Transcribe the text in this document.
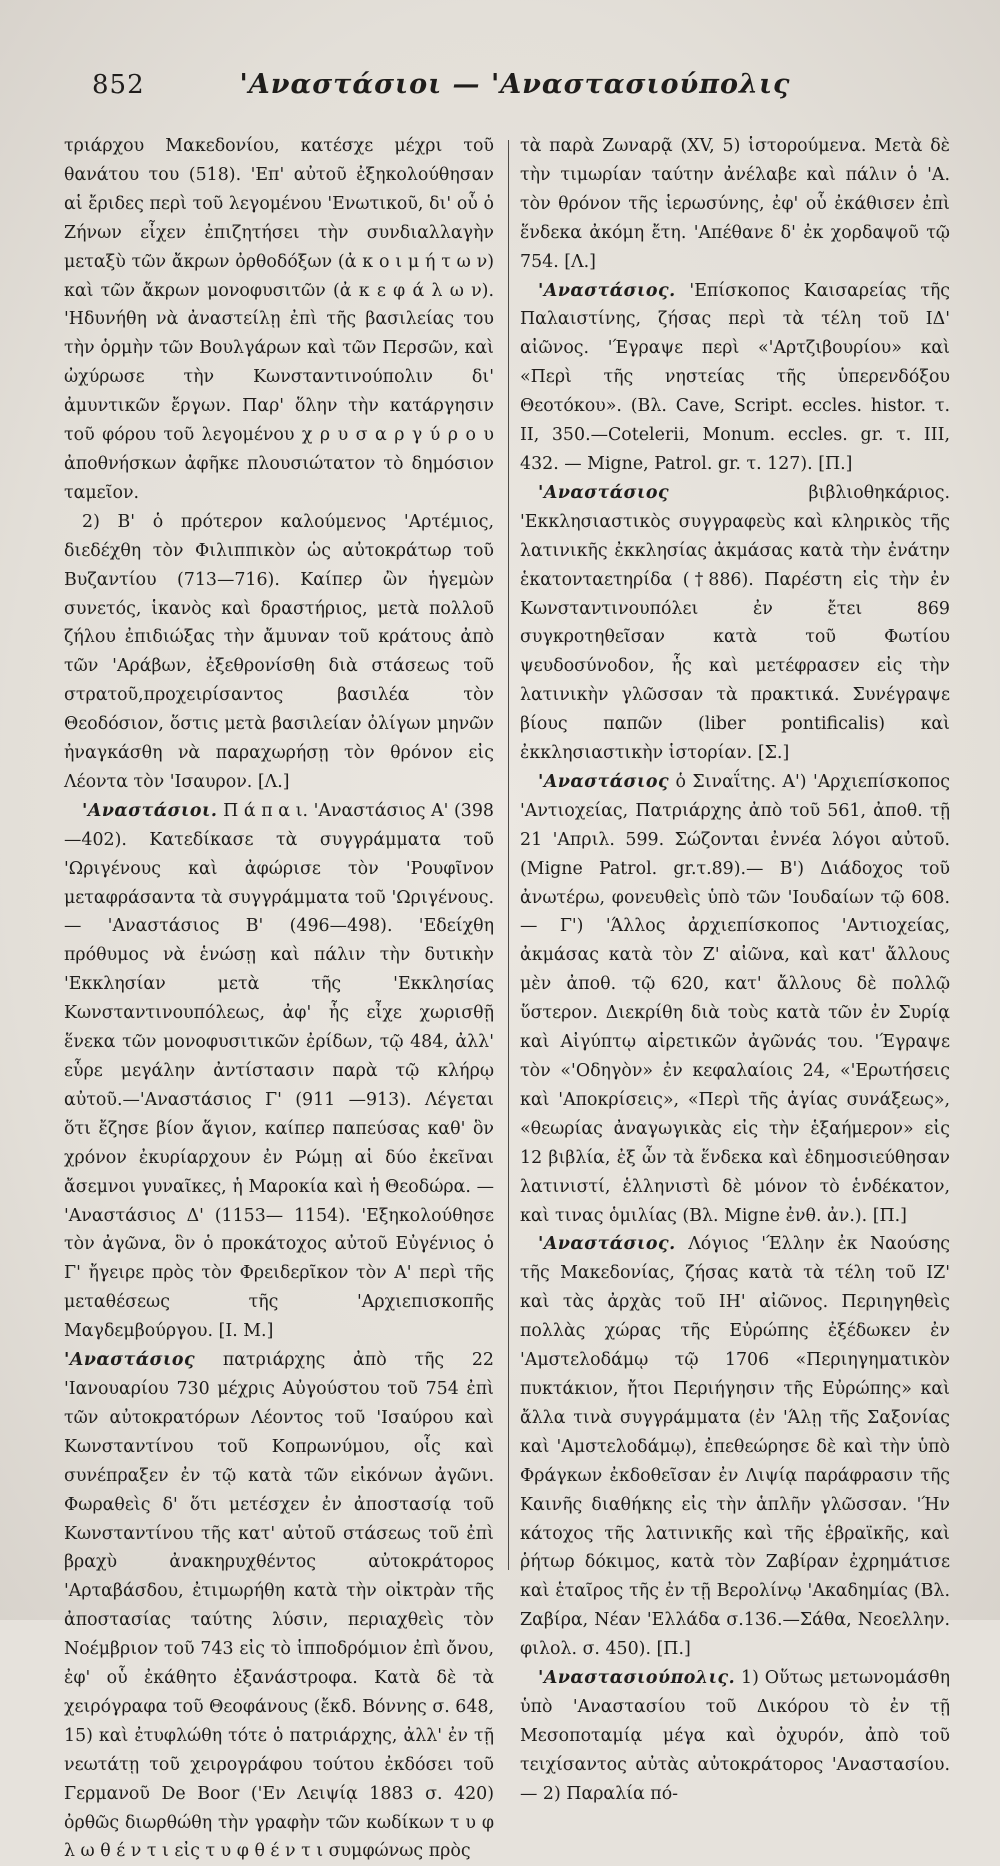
852	'Αναστάσιοι — 'Αναστασιούπολις

τριάρχου Μακεδονίου, κατέσχε μέχρι τοῦ θανάτου του (518). 'Επ' αὐτοῦ ἐξηκολούθησαν αἱ ἔριδες περὶ τοῦ λεγομένου 'Ενωτικοῦ, δι' οὗ ὁ Ζήνων εἶχεν ἐπιζητήσει τὴν συνδιαλλαγὴν μεταξὺ τῶν ἄκρων ὀρθοδόξων (ἀ κ ο ι μ ή τ ω ν) καὶ τῶν ἄκρων μονοφυσιτῶν (ἀ κ ε φ ά λ ω ν). 'Ηδυνήθη νὰ ἀναστείλῃ ἐπὶ τῆς βασιλείας του τὴν ὁρμὴν τῶν Βουλγάρων καὶ τῶν Περσῶν, καὶ ὠχύρωσε τὴν Κωνσταντινούπολιν δι' ἀμυντικῶν ἔργων. Παρ' ὅλην τὴν κατάργησιν τοῦ φόρου τοῦ λεγομένου χ ρ υ σ α ρ γ ύ ρ ο υ ἀποθνήσκων ἀφῆκε πλουσιώτατον τὸ δημόσιον ταμεῖον.

2) Β' ὁ πρότερον καλούμενος 'Αρτέμιος, διεδέχθη τὸν Φιλιππικὸν ὡς αὐτοκράτωρ τοῦ Βυζαντίου (713—716). Καίπερ ὢν ἡγεμὼν συνετός, ἱκανὸς καὶ δραστήριος, μετὰ πολλοῦ ζήλου ἐπιδιώξας τὴν ἄμυναν τοῦ κράτους ἀπὸ τῶν 'Αράβων, ἐξεθρονίσθη διὰ στάσεως τοῦ στρατοῦ,προχειρίσαντος βασιλέα τὸν Θεοδόσιον, ὅστις μετὰ βασιλείαν ὀλίγων μηνῶν ἠναγκάσθη νὰ παραχωρήσῃ τὸν θρόνον εἰς Λέοντα τὸν 'Ισαυρον. [Λ.]

'Αναστάσιοι. Π ά π α ι. 'Αναστάσιος Α' (398—402). Κατεδίκασε τὰ συγγράμματα τοῦ 'Ωριγένους καὶ ἀφώρισε τὸν 'Ρουφῖνον μεταφράσαντα τὰ συγγράμματα τοῦ 'Ωριγένους.— 'Αναστάσιος Β' (496—498). 'Εδείχθη πρόθυμος νὰ ἑνώσῃ καὶ πάλιν τὴν δυτικὴν 'Εκκλησίαν μετὰ τῆς 'Εκκλησίας Κωνσταντινουπόλεως, ἀφ' ἧς εἶχε χωρισθῇ ἕνεκα τῶν μονοφυσιτικῶν ἐρίδων, τῷ 484, ἀλλ' εὗρε μεγάλην ἀντίστασιν παρὰ τῷ κλήρῳ αὐτοῦ.—'Αναστάσιος Γ' (911 —913). Λέγεται ὅτι ἔζησε βίον ἅγιον, καίπερ παπεύσας καθ' ὃν χρόνον ἐκυρίαρχουν ἐν Ρώμῃ αἱ δύο ἐκεῖναι ἄσεμνοι γυναῖκες, ἡ Μαροκία καὶ ἡ Θεοδώρα. — 'Αναστάσιος Δ' (1153— 1154). 'Εξηκολούθησε τὸν ἀγῶνα, ὃν ὁ προκάτοχος αὐτοῦ Εὐγένιος ὁ Γ' ἤγειρε πρὸς τὸν Φρειδερῖκον τὸν Α' περὶ τῆς μεταθέσεως τῆς 'Αρχιεπισκοπῆς Μαγδεμβούργου. [I. M.]

'Αναστάσιος πατριάρχης ἀπὸ τῆς 22 'Ιανουαρίου 730 μέχρις Αὐγούστου τοῦ 754 ἐπὶ τῶν αὐτοκρατόρων Λέοντος τοῦ 'Ισαύρου καὶ Κωνσταντίνου τοῦ Κοπρωνύμου, οἷς καὶ συνέπραξεν ἐν τῷ κατὰ τῶν εἰκόνων ἀγῶνι. Φωραθεὶς δ' ὅτι μετέσχεν ἐν ἀποστασίᾳ τοῦ Κωνσταντίνου τῆς κατ' αὐτοῦ στάσεως τοῦ ἐπὶ βραχὺ ἀνακηρυχθέντος αὐτοκράτορος 'Αρταβάσδου, ἐτιμωρήθη κατὰ τὴν οἰκτρὰν τῆς ἀποστασίας ταύτης λύσιν, περιαχθεὶς τὸν Νοέμβριον τοῦ 743 εἰς τὸ ἱπποδρόμιον ἐπὶ ὄνου, ἐφ' οὗ ἐκάθητο ἐξανάστροφα. Κατὰ δὲ τὰ χειρόγραφα τοῦ Θεοφάνους (ἔκδ. Βόννης σ. 648, 15) καὶ ἐτυφλώθη τότε ὁ πατριάρχης, ἀλλ' ἐν τῇ νεωτάτῃ τοῦ χειρογράφου τούτου ἐκδόσει τοῦ Γερμανοῦ De Boor ('Εν Λειψίᾳ 1883 σ. 420) ὀρθῶς διωρθώθη τὴν γραφὴν τῶν κωδίκων τ υ φ λ ω θ έ ν τ ι εἰς τ υ φ θ έ ν τ ι συμφώνως πρὸς

τὰ παρὰ Ζωναρᾷ (XV, 5) ἱστορούμενα. Μετὰ δὲ τὴν τιμωρίαν ταύτην ἀνέλαβε καὶ πάλιν ὁ 'Α. τὸν θρόνον τῆς ἱερωσύνης, ἐφ' οὗ ἐκάθισεν ἐπὶ ἕνδεκα ἀκόμη ἔτη. 'Απέθανε δ' ἐκ χορδαψοῦ τῷ 754. [Λ.]

'Αναστάσιος. 'Επίσκοπος Καισαρείας τῆς Παλαιστίνης, ζήσας περὶ τὰ τέλη τοῦ ΙΔ' αἰῶνος. 'Έγραψε περὶ «'Αρτζιβουρίου» καὶ «Περὶ τῆς νηστείας τῆς ὑπερενδόξου Θεοτόκου». (Βλ. Cave, Script. eccles. histor. τ. II, 350.—Cotelerii, Monum. eccles. gr. τ. III, 432. — Migne, Patrol. gr. τ. 127). [Π.]

'Αναστάσιος βιβλιοθηκάριος. 'Εκκλησιαστικὸς συγγραφεὺς καὶ κληρικὸς τῆς λατινικῆς ἐκκλησίας ἀκμάσας κατὰ τὴν ἐνάτην ἑκατονταετηρίδα (†886). Παρέστη εἰς τὴν ἐν Κωνσταντινουπόλει ἐν ἔτει 869 συγκροτηθεῖσαν κατὰ τοῦ Φωτίου ψευδοσύνοδον, ἧς καὶ μετέφρασεν εἰς τὴν λατινικὴν γλῶσσαν τὰ πρακτικά. Συνέγραψε βίους παπῶν (liber pontificalis) καὶ ἐκκλησιαστικὴν ἱστορίαν. [Σ.]

'Αναστάσιος ὁ Σιναΐτης. Α') 'Αρχιεπίσκοπος 'Αντιοχείας, Πατριάρχης ἀπὸ τοῦ 561, ἀποθ. τῇ 21 'Απριλ. 599. Σώζονται ἐννέα λόγοι αὐτοῦ. (Migne Patrol. gr.τ.89).— Β') Διάδοχος τοῦ ἀνωτέρω, φονευθεὶς ὑπὸ τῶν 'Ιουδαίων τῷ 608. — Γ') 'Άλλος ἀρχιεπίσκοπος 'Αντιοχείας, ἀκμάσας κατὰ τὸν Ζ' αἰῶνα, καὶ κατ' ἄλλους μὲν ἀποθ. τῷ 620, κατ' ἄλλους δὲ πολλῷ ὕστερον. Διεκρίθη διὰ τοὺς κατὰ τῶν ἐν Συρίᾳ καὶ Αἰγύπτῳ αἱρετικῶν ἀγῶνάς του. 'Έγραψε τὸν «'Οδηγὸν» ἐν κεφαλαίοις 24, «'Ερωτήσεις καὶ 'Αποκρίσεις», «Περὶ τῆς ἁγίας συνάξεως», «θεωρίας ἀναγωγικὰς εἰς τὴν ἑξαήμερον» εἰς 12 βιβλία, ἐξ ὧν τὰ ἕνδεκα καὶ ἐδημοσιεύθησαν λατινιστί, ἑλληνιστὶ δὲ μόνον τὸ ἑνδέκατον, καὶ τινας ὁμιλίας (Βλ. Migne ἐνθ. ἀν.). [Π.]

'Αναστάσιος. Λόγιος 'Έλλην ἐκ Ναούσης τῆς Μακεδονίας, ζήσας κατὰ τὰ τέλη τοῦ ΙΖ' καὶ τὰς ἀρχὰς τοῦ ΙΗ' αἰῶνος. Περιηγηθεὶς πολλὰς χώρας τῆς Εὐρώπης ἐξέδωκεν ἐν 'Αμστελοδάμῳ τῷ 1706 «Περιηγηματικὸν πυκτάκιον, ἤτοι Περιήγησιν τῆς Εὐρώπης» καὶ ἄλλα τινὰ συγγράμματα (ἐν 'Άλῃ τῆς Σαξονίας καὶ 'Αμστελοδάμῳ), ἐπεθεώρησε δὲ καὶ τὴν ὑπὸ Φράγκων ἐκδοθεῖσαν ἐν Λιψίᾳ παράφρασιν τῆς Καινῆς διαθήκης εἰς τὴν ἁπλῆν γλῶσσαν. 'Ήν κάτοχος τῆς λατινικῆς καὶ τῆς ἑβραϊκῆς, καὶ ῥήτωρ δόκιμος, κατὰ τὸν Ζαβίραν ἐχρημάτισε καὶ ἑταῖρος τῆς ἐν τῇ Βερολίνῳ 'Ακαδημίας (Βλ. Ζαβίρα, Νέαν 'Ελλάδα σ.136.—Σάθα, Νεοελλην. φιλολ. σ. 450). [Π.]

'Αναστασιούπολις. 1) Οὕτως μετωνομάσθη ὑπὸ 'Αναστασίου τοῦ Δικόρου τὸ ἐν τῇ Μεσοποταμίᾳ μέγα καὶ ὀχυρόν, ἀπὸ τοῦ τειχίσαντος αὐτὰς αὐτοκράτορος 'Αναστασίου.— 2) Παραλία πό-
